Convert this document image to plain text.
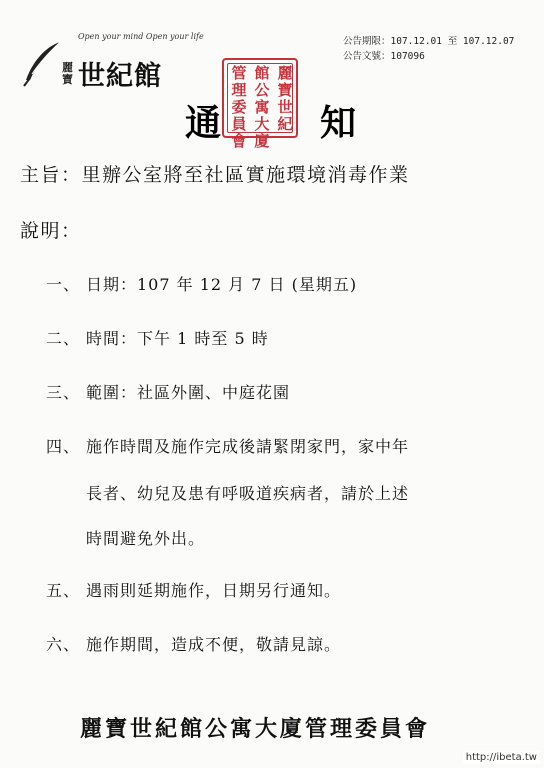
Open your mind Open your life
麗寶 世紀館
公告期限：107.12.01 至 107.12.07
公告文號：107096
麗寶世紀
館公寓大廈
管理委員會
通	知
主旨：里辦公室將至社區實施環境消毒作業
說明：
一、 日期：107 年 12 月 7 日 (星期五)
二、 時間：下午 1 時至 5 時
三、 範圍：社區外圍、中庭花園
四、 施作時間及施作完成後請緊閉家門，家中年
長者、幼兒及患有呼吸道疾病者，請於上述
時間避免外出。
五、 遇雨則延期施作，日期另行通知。
六、 施作期間，造成不便，敬請見諒。
麗寶世紀館公寓大廈管理委員會
http://ibeta.tw
